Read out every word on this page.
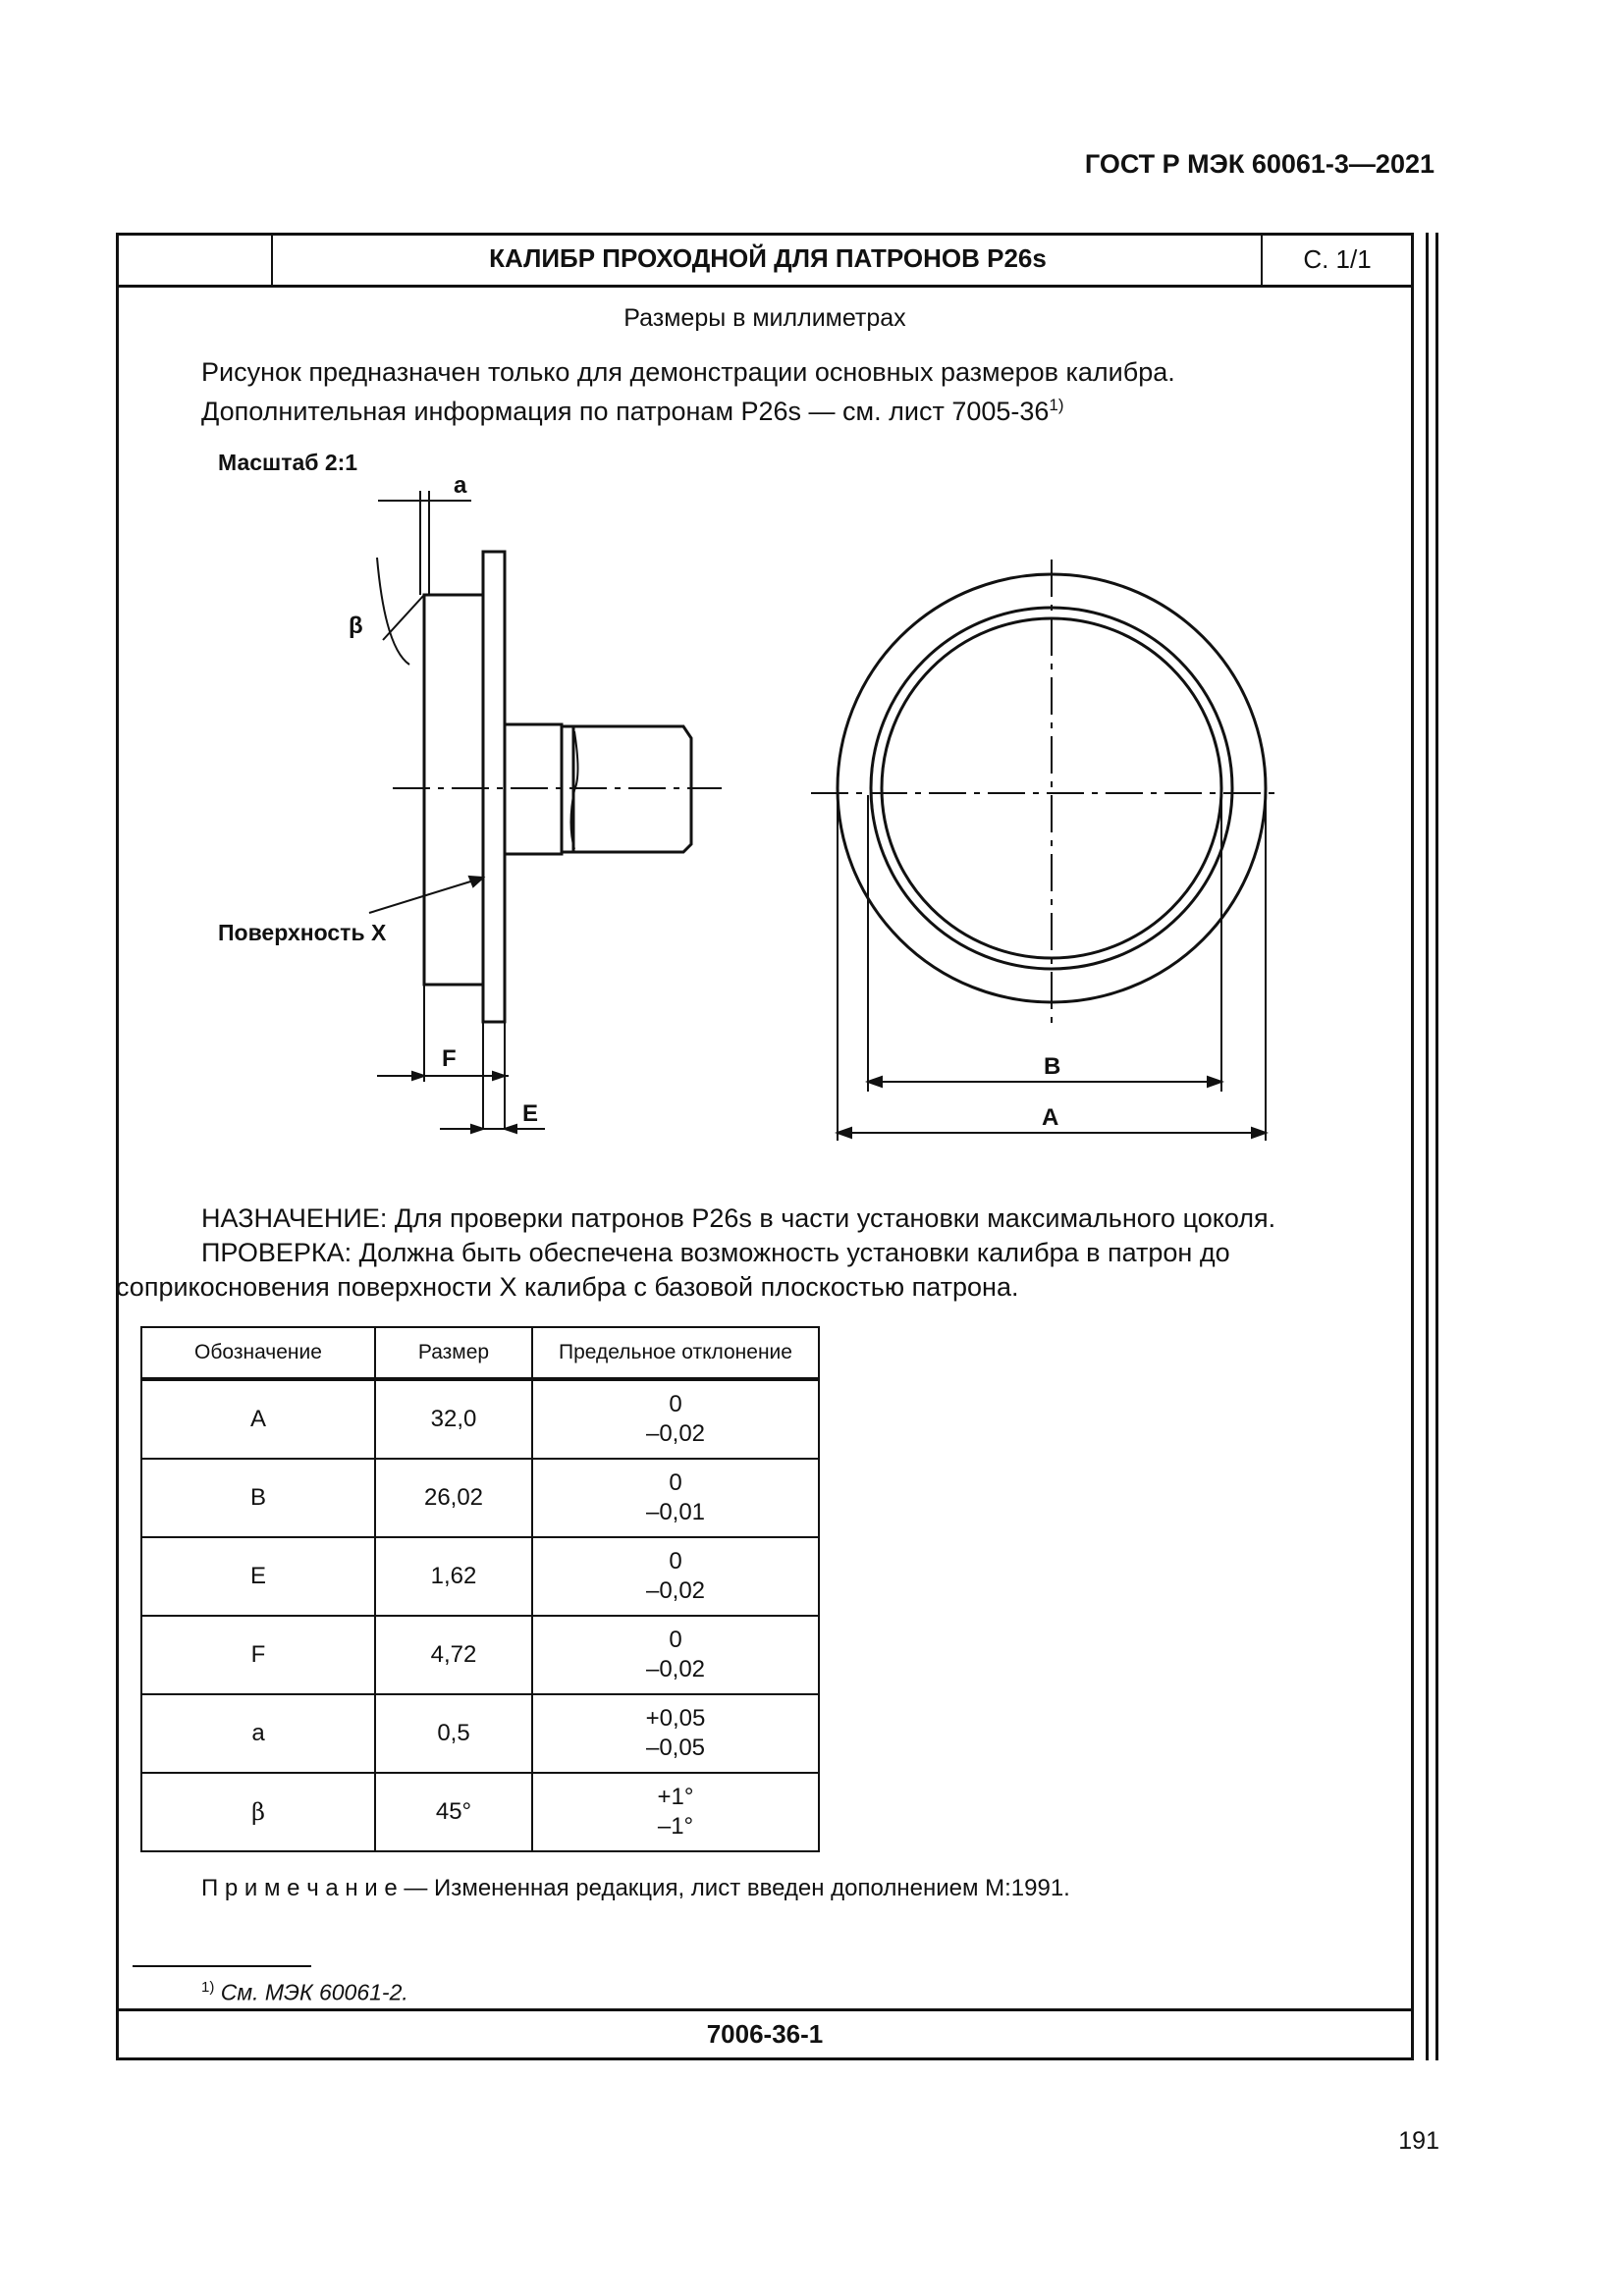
ГОСТ Р МЭК 60061-3—2021
КАЛИБР ПРОХОДНОЙ ДЛЯ ПАТРОНОВ P26s	С. 1/1
Размеры в миллиметрах
Рисунок предназначен только для демонстрации основных размеров калибра.
Дополнительная информация по патронам P26s — см. лист 7005-36$^{1)}$
Масштаб 2:1
a
β
F
E
B
A
Поверхность X

НАЗНАЧЕНИЕ: Для проверки патронов P26s в части установки максимального цоколя.

ПРОВЕРКА: Должна быть обеспечена возможность установки калибра в патрон до соприкосновения поверхности X калибра с базовой плоскостью патрона.

Обозначение	Размер	Предельное отклонение
A	32,0	0
–0,02

B	26,02	0
–0,01

E	1,62	0
–0,02

F	4,72	0
–0,02

a	0,5	+0,05
–0,05

β	45°	+1°
–1°
П р и м е ч а н и е — Измененная редакция, лист введен дополнением М:1991.
$^{1)}$ См. МЭК 60061-2.
7006-36-1
191
